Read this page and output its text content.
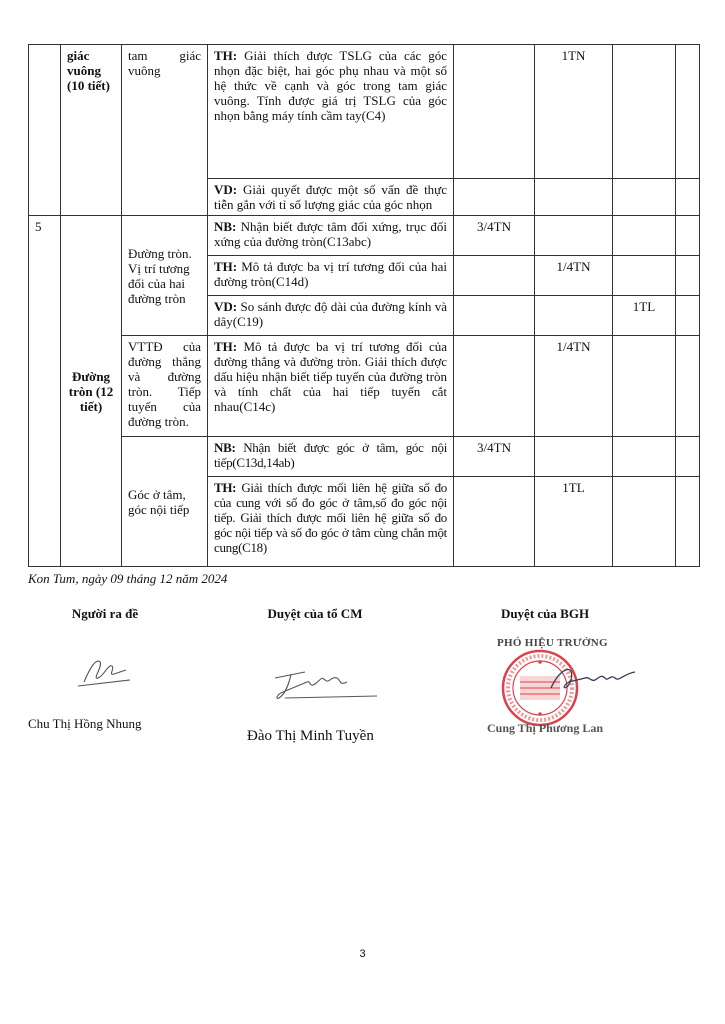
	giác vuông (10 tiết)	tam giác vuông	TH: Giải thích được TSLG của các góc nhọn đặc biệt, hai góc phụ nhau và một số hệ thức về cạnh và góc trong tam giác vuông. Tính được giá trị TSLG của góc nhọn bằng máy tính cầm tay(C4)		1TN		
			VD: Giải quyết được một số vấn đề thực tiễn gắn với tỉ số lượng giác của góc nhọn				
5	Đường tròn (12 tiết)	Đường tròn. Vị trí tương đối của hai đường tròn	NB: Nhận biết được tâm đối xứng, trục đối xứng của đường tròn(C13abc)	3/4TN			
			TH: Mô tả được ba vị trí tương đối của hai đường tròn(C14d)		1/4TN		
			VD: So sánh được độ dài của đường kính và dây(C19)			1TL	
		VTTĐ của đường thẳng và đường tròn. Tiếp tuyến của đường tròn.	TH: Mô tả được ba vị trí tương đối của đường thẳng và đường tròn. Giải thích được dấu hiệu nhận biết tiếp tuyến của đường tròn và tính chất của hai tiếp tuyến cắt nhau(C14c)		1/4TN		
		Góc ở tâm, góc nội tiếp	NB: Nhận biết được góc ở tâm, góc nội tiếp(C13d,14ab)	3/4TN			
			TH: Giải thích được mối liên hệ giữa số đo của cung với số đo góc ở tâm,số đo góc nội tiếp. Giải thích được mối liên hệ giữa số đo góc nội tiếp và số đo góc ở tâm cùng chắn một cung(C18)		1TL		
Kon Tum, ngày 09 tháng 12 năm 2024
Người ra đề	Duyệt của tổ CM	Duyệt của BGH
PHÓ HIỆU TRƯỞNG
Chu Thị Hồng Nhung
Đào Thị Minh Tuyền	Cung Thị Phương Lan
3
